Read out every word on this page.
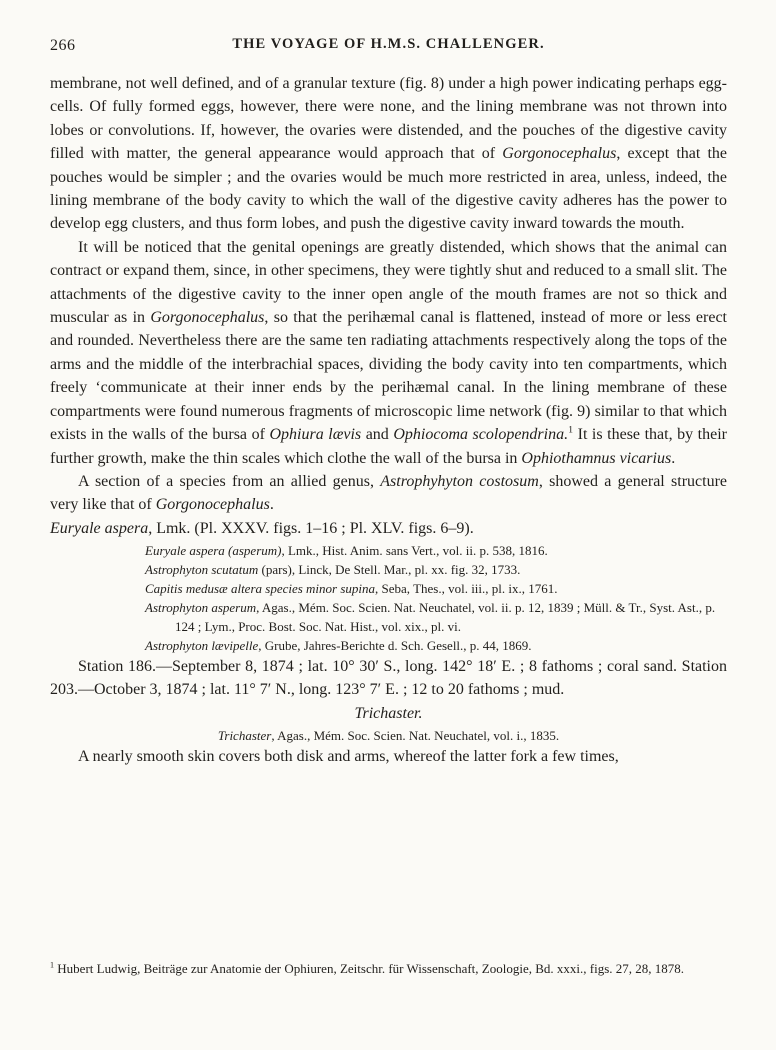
266	THE VOYAGE OF H.M.S. CHALLENGER.

membrane, not well defined, and of a granular texture (fig. 8) under a high power indicating perhaps egg-cells. Of fully formed eggs, however, there were none, and the lining membrane was not thrown into lobes or convolutions. If, however, the ovaries were distended, and the pouches of the digestive cavity filled with matter, the general appearance would approach that of Gorgonocephalus, except that the pouches would be simpler ; and the ovaries would be much more restricted in area, unless, indeed, the lining membrane of the body cavity to which the wall of the digestive cavity adheres has the power to develop egg clusters, and thus form lobes, and push the digestive cavity inward towards the mouth.

It will be noticed that the genital openings are greatly distended, which shows that the animal can contract or expand them, since, in other specimens, they were tightly shut and reduced to a small slit. The attachments of the digestive cavity to the inner open angle of the mouth frames are not so thick and muscular as in Gorgonocephalus, so that the perihæmal canal is flattened, instead of more or less erect and rounded. Nevertheless there are the same ten radiating attachments respectively along the tops of the arms and the middle of the interbrachial spaces, dividing the body cavity into ten compartments, which freely ‘communicate at their inner ends by the perihæmal canal. In the lining membrane of these compartments were found numerous fragments of microscopic lime network (fig. 9) similar to that which exists in the walls of the bursa of Ophiura lævis and Ophiocoma scolopendrina.$^1$ It is these that, by their further growth, make the thin scales which clothe the wall of the bursa in Ophiothamnus vicarius.

A section of a species from an allied genus, Astrophyhyton costosum, showed a general structure very like that of Gorgonocephalus.

Euryale aspera, Lmk. (Pl. XXXV. figs. 1–16 ; Pl. XLV. figs. 6–9).

Euryale aspera (asperum), Lmk., Hist. Anim. sans Vert., vol. ii. p. 538, 1816.

Astrophyton scutatum (pars), Linck, De Stell. Mar., pl. xx. fig. 32, 1733.

Capitis medusæ altera species minor supina, Seba, Thes., vol. iii., pl. ix., 1761.

Astrophyton asperum, Agas., Mém. Soc. Scien. Nat. Neuchatel, vol. ii. p. 12, 1839 ; Müll. & Tr., Syst. Ast., p. 124 ; Lym., Proc. Bost. Soc. Nat. Hist., vol. xix., pl. vi.

Astrophyton lævipelle, Grube, Jahres-Berichte d. Sch. Gesell., p. 44, 1869.

Station 186.—September 8, 1874 ; lat. 10° 30′ S., long. 142° 18′ E. ; 8 fathoms ; coral sand. Station 203.—October 3, 1874 ; lat. 11° 7′ N., long. 123° 7′ E. ; 12 to 20 fathoms ; mud.

Trichaster.

Trichaster, Agas., Mém. Soc. Scien. Nat. Neuchatel, vol. i., 1835.

A nearly smooth skin covers both disk and arms, whereof the latter fork a few times,

$^1$ Hubert Ludwig, Beiträge zur Anatomie der Ophiuren, Zeitschr. für Wissenschaft, Zoologie, Bd. xxxi., figs. 27, 28, 1878.
